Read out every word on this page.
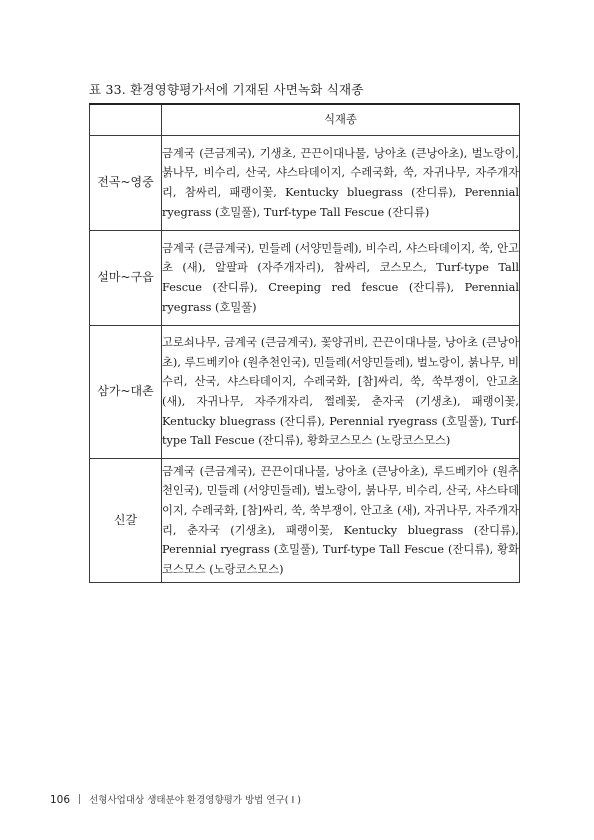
표 33. 환경영향평가서에 기재된 사면녹화 식재종
	식재종
전곡~영중	금계국 (큰금계국), 기생초, 끈끈이대나물, 낭아초 (큰낭아초), 벌노랑이, 붉나무, 비수리, 산국, 샤스타데이지, 수레국화, 쑥, 자귀나무, 자주개자리, 참싸리, 패랭이꽃, Kentucky bluegrass (잔디류), Perennial ryegrass (호밀풀), Turf-type Tall Fescue (잔디류)
설마~구읍	금계국 (큰금계국), 민들레 (서양민들레), 비수리, 샤스타데이지, 쑥, 안고초 (새), 알팔파 (자주개자리), 참싸리, 코스모스, Turf-type Tall Fescue (잔디류), Creeping red fescue (잔디류), Perennial ryegrass (호밀풀)
삼가~대촌	고로쇠나무, 금계국 (큰금계국), 꽃양귀비, 끈끈이대나물, 낭아초 (큰낭아초), 루드베키아 (원추천인국), 민들레(서양민들레), 벌노랑이, 붉나무, 비수리, 산국, 샤스타데이지, 수레국화, [참]싸리, 쑥, 쑥부쟁이, 안고초 (새), 자귀나무, 자주개자리, 쩔레꽃, 춘자국 (기생초), 패랭이꽃, Kentucky bluegrass (잔디류), Perennial ryegrass (호밀풀), Turf-type Tall Fescue (잔디류), 황화코스모스 (노랑코스모스)
신갈	금계국 (큰금계국), 끈끈이대나물, 낭아초 (큰낭아초), 루드베키아 (원추천인국), 민들레 (서양민들레), 벌노랑이, 붉나무, 비수리, 산국, 샤스타데이지, 수레국화, [참]싸리, 쑥, 쑥부쟁이, 안고초 (새), 자귀나무, 자주개자리, 춘자국 (기생초), 패랭이꽃, Kentucky bluegrass (잔디류), Perennial ryegrass (호밀풀), Turf-type Tall Fescue (잔디류), 황화코스모스 (노랑코스모스)
106 선형사업대상 생태분야 환경영향평가 방법 연구( I )
